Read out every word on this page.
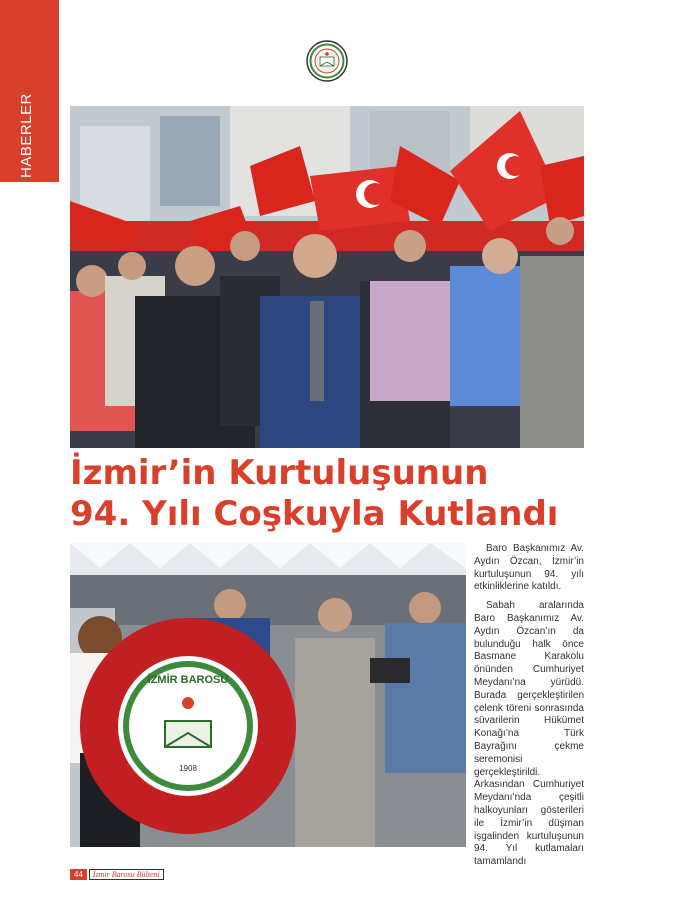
HABERLER
İzmir’in Kurtuluşunun
94. Yılı Coşkuyla Kutlandı
İZMİR BAROSU
1908

Baro Başkanımız Av. Aydın Özcan, İzmir’in kurtuluşunun 94. yılı etkinliklerine katıldı.

Sabah aralarında Baro Başkanımız Av. Aydın Özcan’ın da bulunduğu halk önce Basmane Karakolu önünden Cumhuriyet Meydanı’na yürüdü. Burada gerçekleştirilen çelenk töreni sonrasında süvarilerin Hükümet Konağı’na Türk Bayrağını çekme seremonisi gerçekleştirildi. Arkasından Cumhuriyet Meydanı’nda çeşitli halkoyunları gösterileri ile İzmir’in düşman işgalinden kurtuluşunun 94. Yıl kutlamaları tamamlandı

44	İzmir Barosu Bülteni
